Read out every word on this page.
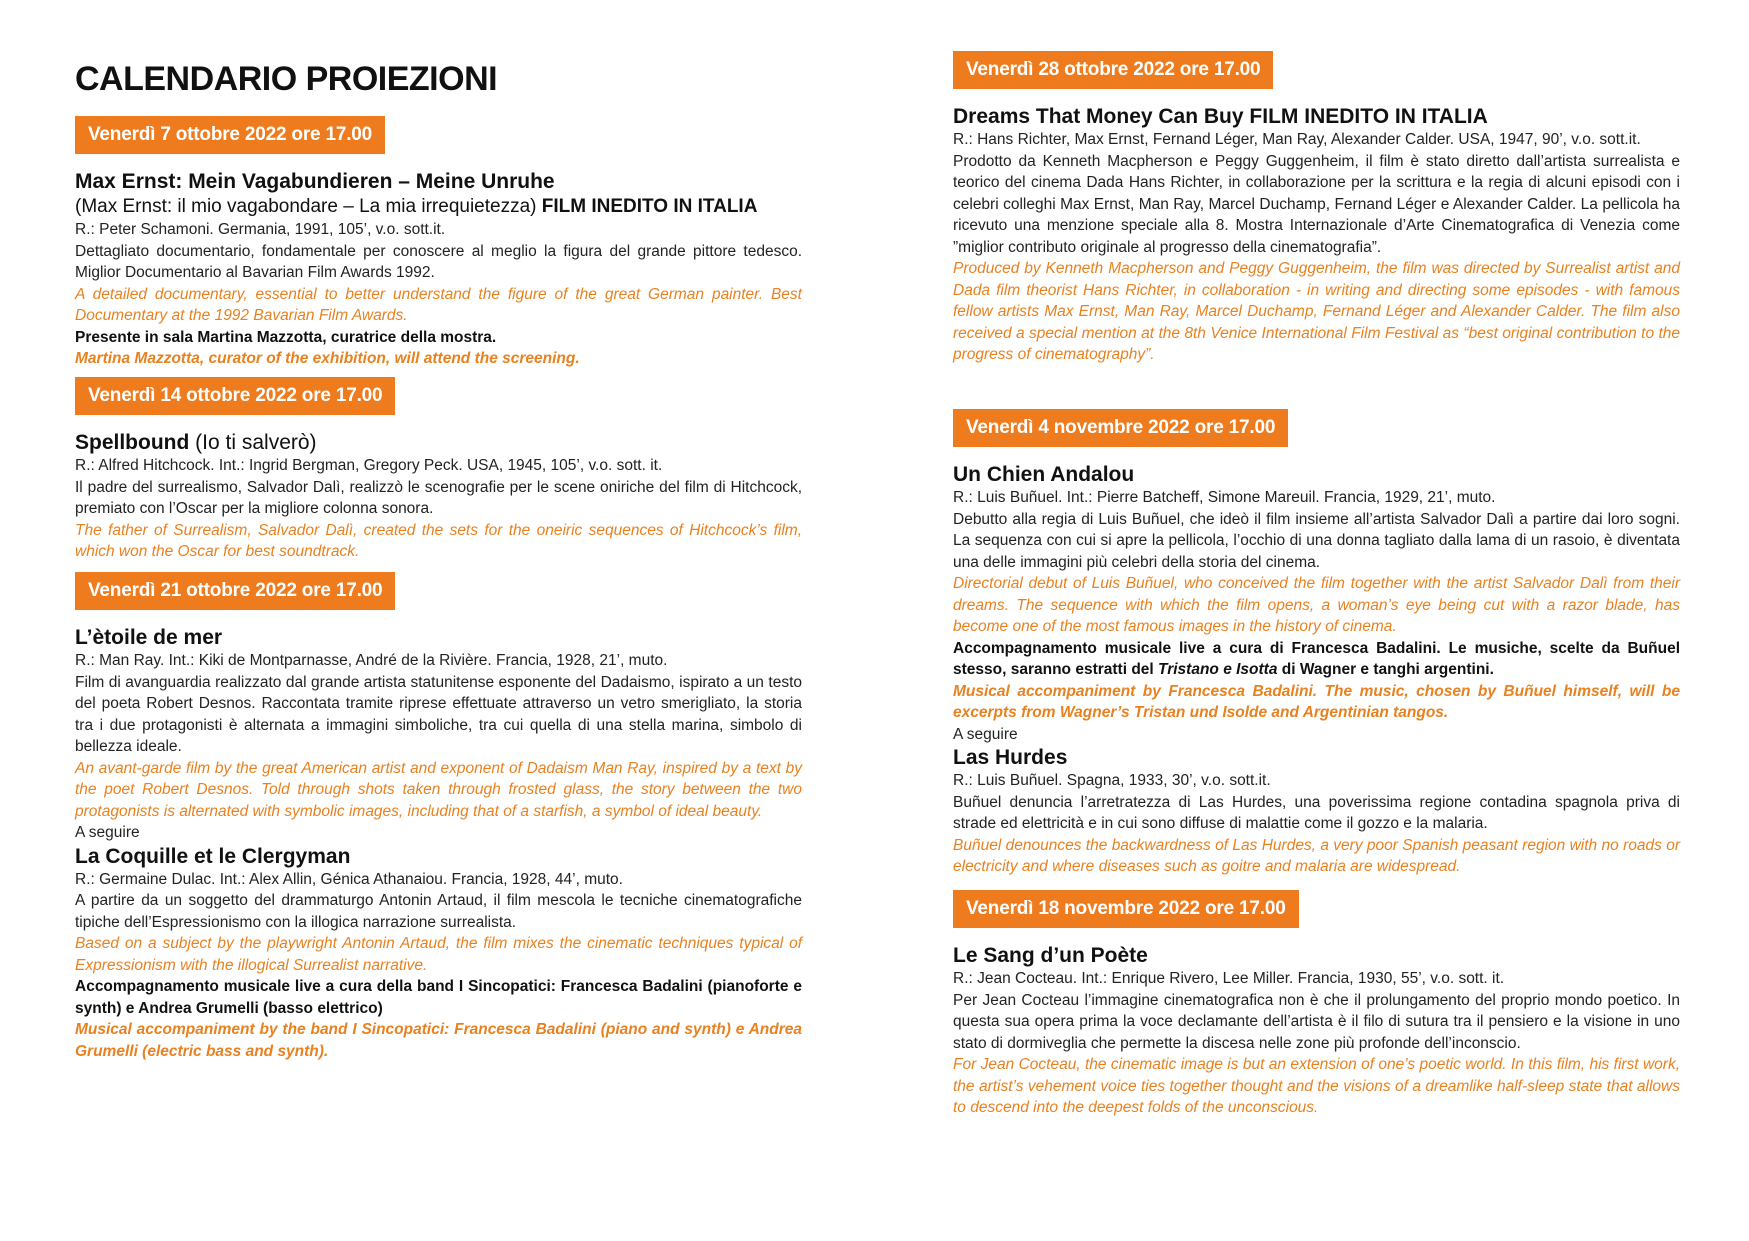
CALENDARIO PROIEZIONI
Venerdì 7 ottobre 2022 ore 17.00
Max Ernst: Mein Vagabundieren – Meine Unruhe
(Max Ernst: il mio vagabondare – La mia irrequietezza) FILM INEDITO IN ITALIA
R.: Peter Schamoni. Germania, 1991, 105’, v.o. sott.it.
Dettagliato documentario, fondamentale per conoscere al meglio la figura del grande pittore tedesco. Miglior Documentario al Bavarian Film Awards 1992.
A detailed documentary, essential to better understand the figure of the great German painter. Best Documentary at the 1992 Bavarian Film Awards.
Presente in sala Martina Mazzotta, curatrice della mostra.
Martina Mazzotta, curator of the exhibition, will attend the screening.
Venerdì 14 ottobre 2022 ore 17.00
Spellbound (Io ti salverò)
R.: Alfred Hitchcock. Int.: Ingrid Bergman, Gregory Peck. USA, 1945, 105’, v.o. sott. it.
Il padre del surrealismo, Salvador Dalì, realizzò le scenografie per le scene oniriche del film di Hitchcock, premiato con l’Oscar per la migliore colonna sonora.
The father of Surrealism, Salvador Dalì, created the sets for the oneiric sequences of Hitchcock’s film, which won the Oscar for best soundtrack.
Venerdì 21 ottobre 2022 ore 17.00
L’ètoile de mer
R.: Man Ray. Int.: Kiki de Montparnasse, André de la Rivière. Francia, 1928, 21’, muto.
Film di avanguardia realizzato dal grande artista statunitense esponente del Dadaismo, ispirato a un testo del poeta Robert Desnos. Raccontata tramite riprese effettuate attraverso un vetro smerigliato, la storia tra i due protagonisti è alternata a immagini simboliche, tra cui quella di una stella marina, simbolo di bellezza ideale.
An avant-garde film by the great American artist and exponent of Dadaism Man Ray, inspired by a text by the poet Robert Desnos. Told through shots taken through frosted glass, the story between the two protagonists is alternated with symbolic images, including that of a starfish, a symbol of ideal beauty.
A seguire
La Coquille et le Clergyman
R.: Germaine Dulac. Int.: Alex Allin, Génica Athanaiou. Francia, 1928, 44’, muto.
A partire da un soggetto del drammaturgo Antonin Artaud, il film mescola le tecniche cinematografiche tipiche dell’Espressionismo con la illogica narrazione surrealista.
Based on a subject by the playwright Antonin Artaud, the film mixes the cinematic techniques typical of Expressionism with the illogical Surrealist narrative.
Accompagnamento musicale live a cura della band I Sincopatici: Francesca Badalini (pianoforte e synth) e Andrea Grumelli (basso elettrico)
Musical accompaniment by the band I Sincopatici: Francesca Badalini (piano and synth) e Andrea Grumelli (electric bass and synth).
Venerdì 28 ottobre 2022 ore 17.00
Dreams That Money Can Buy FILM INEDITO IN ITALIA
R.: Hans Richter, Max Ernst, Fernand Léger, Man Ray, Alexander Calder. USA, 1947, 90’, v.o. sott.it.
Prodotto da Kenneth Macpherson e Peggy Guggenheim, il film è stato diretto dall’artista surrealista e teorico del cinema Dada Hans Richter, in collaborazione per la scrittura e la regia di alcuni episodi con i celebri colleghi Max Ernst, Man Ray, Marcel Duchamp, Fernand Léger e Alexander Calder. La pellicola ha ricevuto una menzione speciale alla 8. Mostra Internazionale d’Arte Cinematografica di Venezia come ”miglior contributo originale al progresso della cinematografia”.
Produced by Kenneth Macpherson and Peggy Guggenheim, the film was directed by Surrealist artist and Dada film theorist Hans Richter, in collaboration - in writing and directing some episodes - with famous fellow artists Max Ernst, Man Ray, Marcel Duchamp, Fernand Léger and Alexander Calder. The film also received a special mention at the 8th Venice International Film Festival as “best original contribution to the progress of cinematography”.
Venerdì 4 novembre 2022 ore 17.00
Un Chien Andalou
R.: Luis Buñuel. Int.: Pierre Batcheff, Simone Mareuil. Francia, 1929, 21’, muto.
Debutto alla regia di Luis Buñuel, che ideò il film insieme all’artista Salvador Dalì a partire dai loro sogni. La sequenza con cui si apre la pellicola, l’occhio di una donna tagliato dalla lama di un rasoio, è diventata una delle immagini più celebri della storia del cinema.
Directorial debut of Luis Buñuel, who conceived the film together with the artist Salvador Dalì from their dreams. The sequence with which the film opens, a woman’s eye being cut with a razor blade, has become one of the most famous images in the history of cinema.
Accompagnamento musicale live a cura di Francesca Badalini. Le musiche, scelte da Buñuel stesso, saranno estratti del Tristano e Isotta di Wagner e tanghi argentini.
Musical accompaniment by Francesca Badalini. The music, chosen by Buñuel himself, will be excerpts from Wagner’s Tristan und Isolde and Argentinian tangos.
A seguire
Las Hurdes
R.: Luis Buñuel. Spagna, 1933, 30’, v.o. sott.it.
Buñuel denuncia l’arretratezza di Las Hurdes, una poverissima regione contadina spagnola priva di strade ed elettricità e in cui sono diffuse di malattie come il gozzo e la malaria.
Buñuel denounces the backwardness of Las Hurdes, a very poor Spanish peasant region with no roads or electricity and where diseases such as goitre and malaria are widespread.
Venerdì 18 novembre 2022 ore 17.00
Le Sang d’un Poète
R.: Jean Cocteau. Int.: Enrique Rivero, Lee Miller. Francia, 1930, 55’, v.o. sott. it.
Per Jean Cocteau l’immagine cinematografica non è che il prolungamento del proprio mondo poetico. In questa sua opera prima la voce declamante dell’artista è il filo di sutura tra il pensiero e la visione in uno stato di dormiveglia che permette la discesa nelle zone più profonde dell’inconscio.
For Jean Cocteau, the cinematic image is but an extension of one’s poetic world. In this film, his first work, the artist’s vehement voice ties together thought and the visions of a dreamlike half-sleep state that allows to descend into the deepest folds of the unconscious.
